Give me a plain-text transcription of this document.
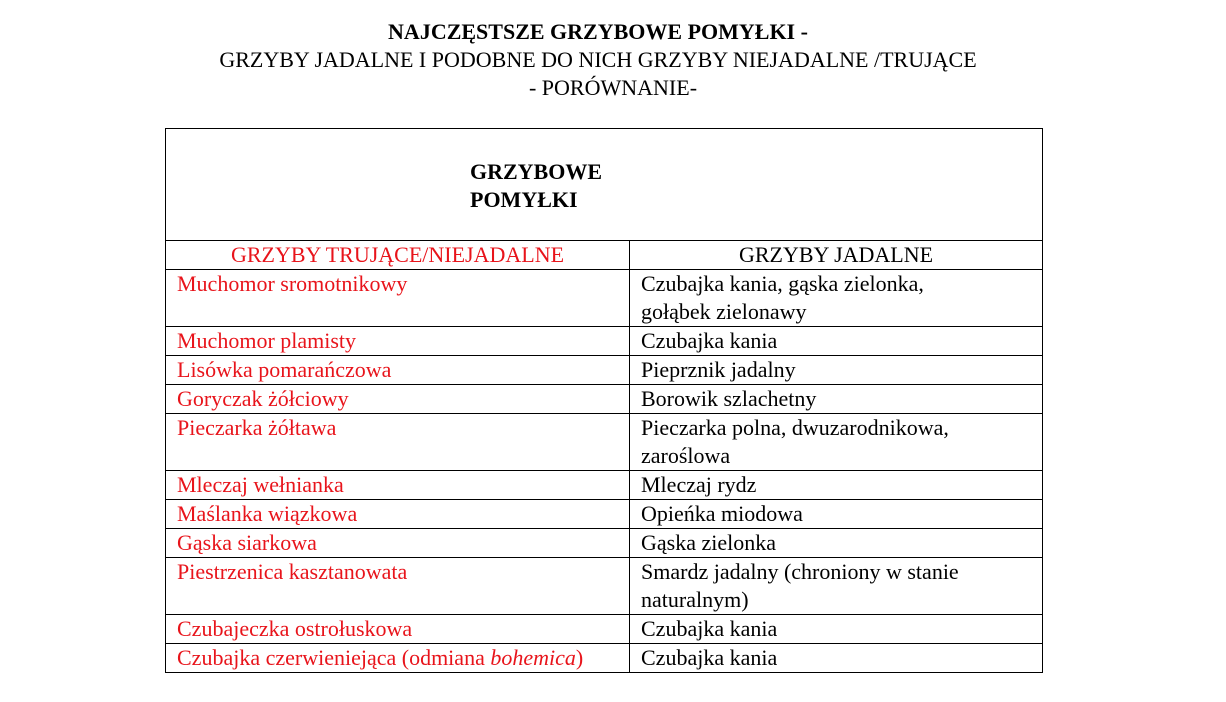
NAJCZĘSTSZE GRZYBOWE POMYŁKI -
GRZYBY JADALNE I PODOBNE DO NICH GRZYBY NIEJADALNE /TRUJĄCE
- PORÓWNANIE-
GRZYBOWE
POMYŁKI	

GRZYBY TRUJĄCE/NIEJADALNE	GRZYBY JADALNE
Muchomor sromotnikowy	Czubajka kania, gąska zielonka,
gołąbek zielonawy

Muchomor plamisty	Czubajka kania
Lisówka pomarańczowa	Pieprznik jadalny
Goryczak żółciowy	Borowik szlachetny
Pieczarka żółtawa	Pieczarka polna, dwuzarodnikowa,
zaroślowa

Mleczaj wełnianka	Mleczaj rydz
Maślanka wiązkowa	Opieńka miodowa
Gąska siarkowa	Gąska zielonka
Piestrzenica kasztanowata	Smardz jadalny (chroniony w stanie
naturalnym)

Czubajeczka ostrołuskowa	Czubajka kania
Czubajka czerwieniejąca (odmiana bohemica)	Czubajka kania
